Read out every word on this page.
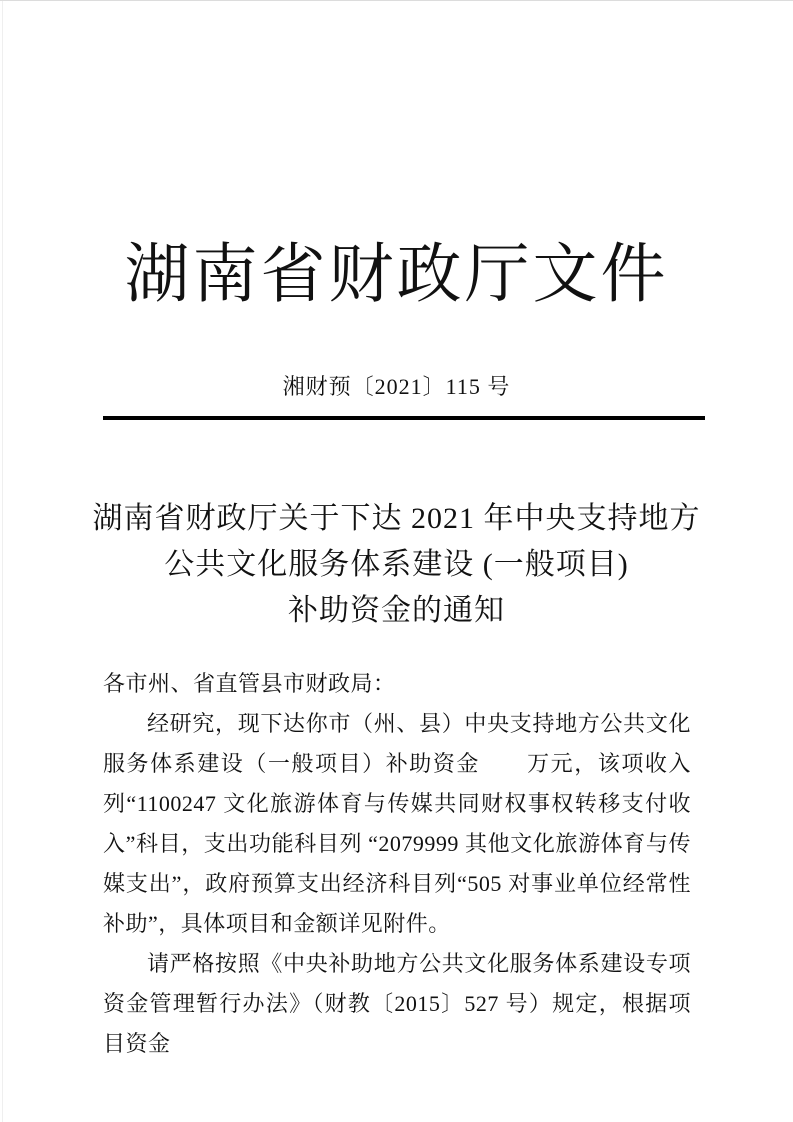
湖南省财政厅文件
湘财预〔2021〕115 号
湖南省财政厅关于下达 2021 年中央支持地方
公共文化服务体系建设 (一般项目)
补助资金的通知

各市州、省直管县市财政局：

经研究，现下达你市（州、县）中央支持地方公共文化服务体系建设（一般项目）补助资金　　万元，该项收入列“1100247 文化旅游体育与传媒共同财权事权转移支付收入”科目，支出功能科目列 “2079999 其他文化旅游体育与传媒支出”，政府预算支出经济科目列“505 对事业单位经常性补助”，具体项目和金额详见附件。

请严格按照《中央补助地方公共文化服务体系建设专项资金管理暂行办法》（财教〔2015〕527 号）规定，根据项目资金
